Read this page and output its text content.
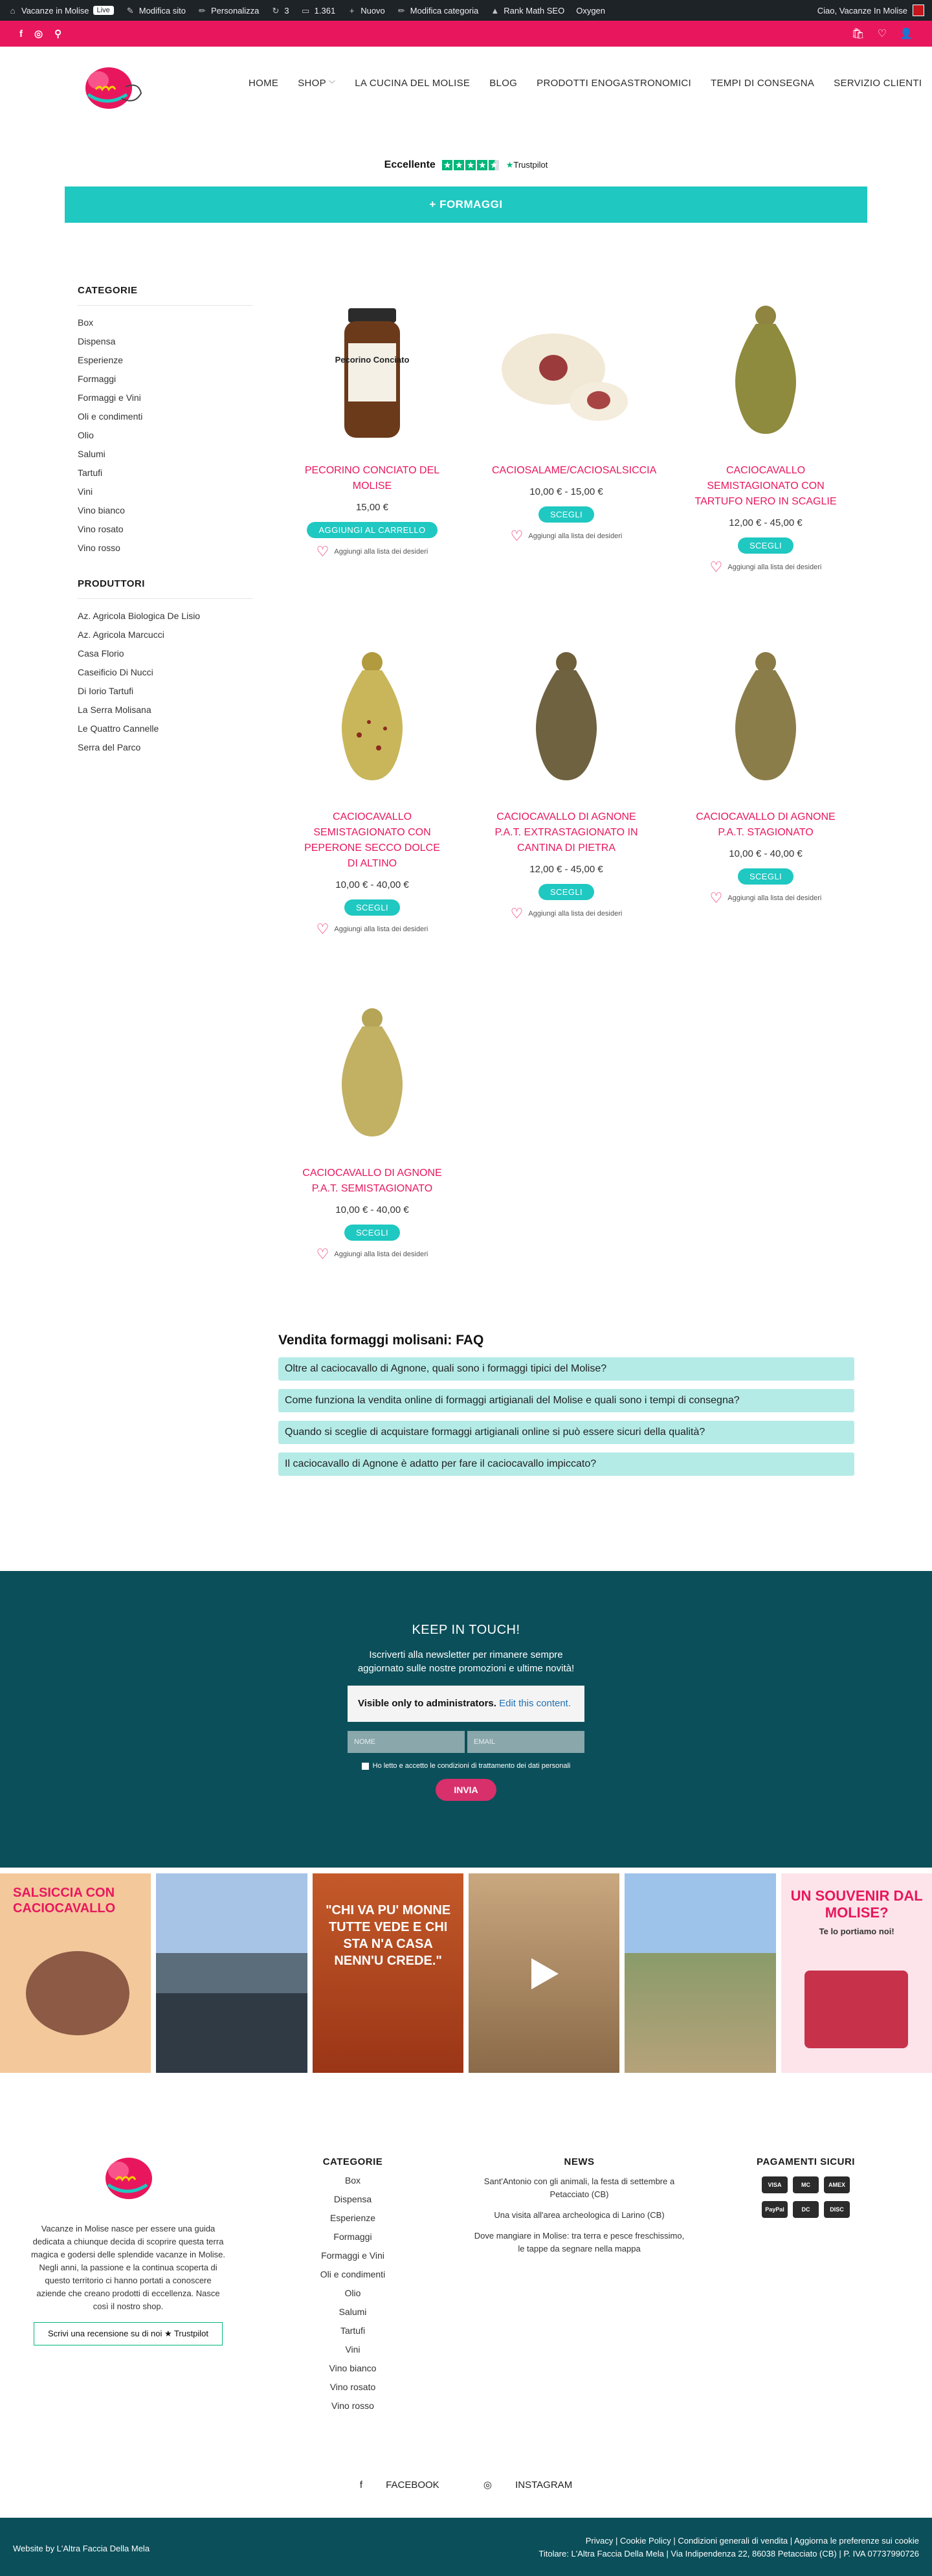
⌂ Vacanze in Molise	Live	✎ Modifica sito ✏ Personalizza ↻ 3 ▭ 1.361 + Nuovo ✏ Modifica categoria ▲ Rank Math SEO Oxygen	Ciao, Vacanze In Molise
f ◎ ⚲	🛍 ♡ 👤
HOME SHOP ﹀ LA CUCINA DEL MOLISE BLOG PRODOTTI ENOGASTRONOMICI TEMPI DI CONSEGNA SERVIZIO CLIENTI
Eccellente ★ ★ ★ ★ ★ ★Trustpilot
+ FORMAGGI
CATEGORIE
Box
Dispensa
Esperienze
Formaggi
Formaggi e Vini
Oli e condimenti
Olio
Salumi
Tartufi
Vini
Vino bianco
Vino rosato
Vino rosso
PRODUTTORI
Az. Agricola Biologica De Lisio
Az. Agricola Marcucci
Casa Florio
Caseificio Di Nucci
Di Iorio Tartufi
La Serra Molisana
Le Quattro Cannelle
Serra del Parco
Pecorino Conciato
PECORINO CONCIATO DEL MOLISE
15,00 €
AGGIUNGI AL CARRELLO
♡ Aggiungi alla lista dei desideri
CACIOSALAME/CACIOSALSICCIA
10,00 € - 15,00 €
SCEGLI
♡ Aggiungi alla lista dei desideri
CACIOCAVALLO SEMISTAGIONATO CON TARTUFO NERO IN SCAGLIE
12,00 € - 45,00 €
SCEGLI
♡ Aggiungi alla lista dei desideri
CACIOCAVALLO SEMISTAGIONATO CON PEPERONE SECCO DOLCE DI ALTINO
10,00 € - 40,00 €
SCEGLI
♡ Aggiungi alla lista dei desideri
CACIOCAVALLO DI AGNONE P.A.T. EXTRASTAGIONATO IN CANTINA DI PIETRA
12,00 € - 45,00 €
SCEGLI
♡ Aggiungi alla lista dei desideri
CACIOCAVALLO DI AGNONE P.A.T. STAGIONATO
10,00 € - 40,00 €
SCEGLI
♡ Aggiungi alla lista dei desideri
CACIOCAVALLO DI AGNONE P.A.T. SEMISTAGIONATO
10,00 € - 40,00 €
SCEGLI
♡ Aggiungi alla lista dei desideri
Vendita formaggi molisani: FAQ
Oltre al caciocavallo di Agnone, quali sono i formaggi tipici del Molise?
Come funziona la vendita online di formaggi artigianali del Molise e quali sono i tempi di consegna?
Quando si sceglie di acquistare formaggi artigianali online si può essere sicuri della qualità?
Il caciocavallo di Agnone è adatto per fare il caciocavallo impiccato?
KEEP IN TOUCH!

Iscriverti alla newsletter per rimanere sempre aggiornato sulle nostre promozioni e ultime novità!

Visible only to administrators. Edit this content.
NOME
EMAIL
Ho letto e accetto le condizioni di trattamento dei dati personali
INVIA
SALSICCIA CON CACIOCAVALLO	"CHI VA PU' MONNE TUTTE VEDE E CHI STA N'A CASA NENN'U CREDE."
UN SOUVENIR DAL MOLISE?
Te lo portiamo noi!

Vacanze in Molise nasce per essere una guida dedicata a chiunque decida di scoprire questa terra magica e godersi delle splendide vacanze in Molise. Negli anni, la passione e la continua scoperta di questo territorio ci hanno portati a conoscere aziende che creano prodotti di eccellenza. Nasce così il nostro shop.

Scrivi una recensione su di noi ★ Trustpilot
CATEGORIE
Box
Dispensa
Esperienze
Formaggi
Formaggi e Vini
Oli e condimenti
Olio
Salumi
Tartufi
Vini
Vino bianco
Vino rosato
Vino rosso
NEWS

Sant'Antonio con gli animali, la festa di settembre a Petacciato (CB)

Una visita all'area archeologica di Larino (CB)

Dove mangiare in Molise: tra terra e pesce freschissimo, le tappe da segnare nella mappa

PAGAMENTI SICURI
VISA	MC	AMEX
PayPal	DC	DISC
f FACEBOOK	◎ INSTAGRAM
Website by L'Altra Faccia Della Mela
Privacy | Cookie Policy | Condizioni generali di vendita | Aggiorna le preferenze sui cookie
Titolare: L'Altra Faccia Della Mela | Via Indipendenza 22, 86038 Petacciato (CB) | P. IVA 07737990726
